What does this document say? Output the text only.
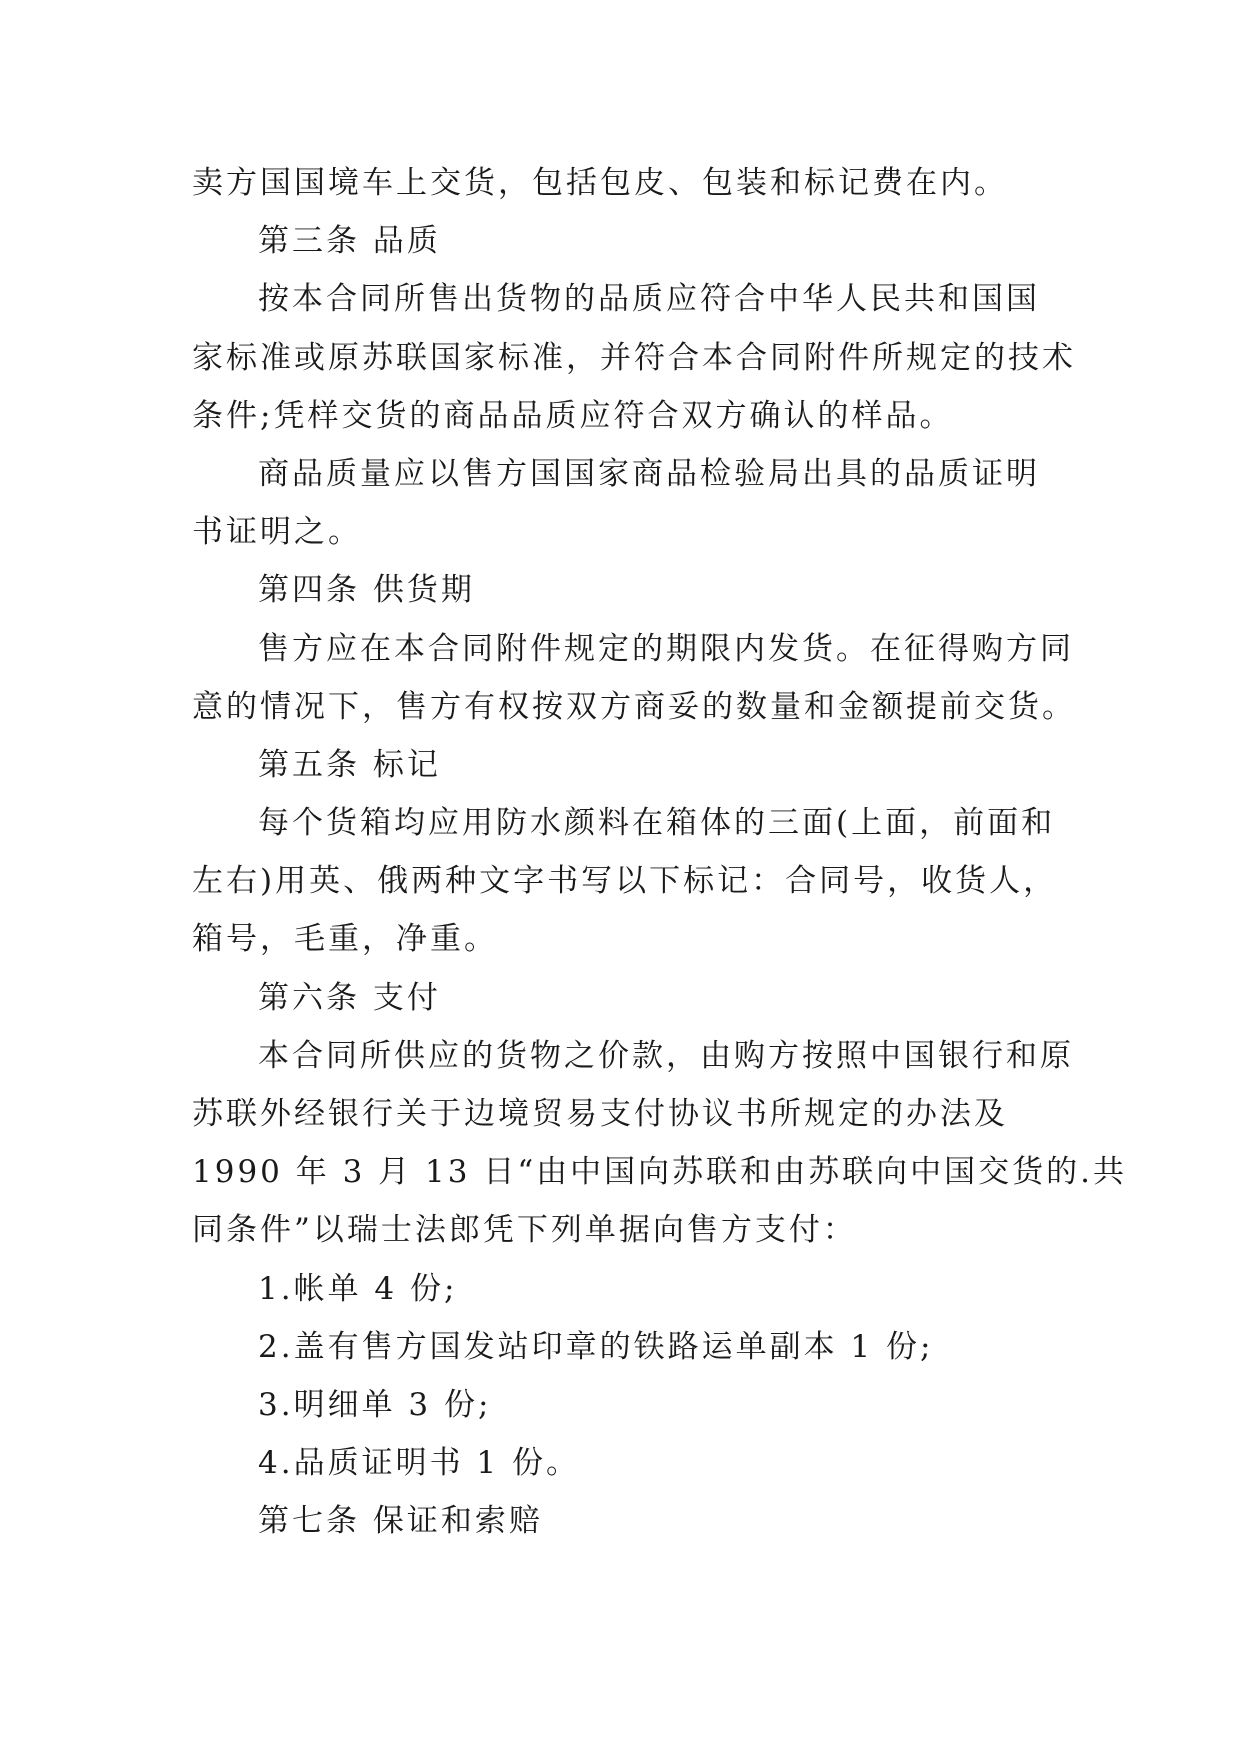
卖方国国境车上交货，包括包皮、包装和标记费在内。
第三条 品质
按本合同所售出货物的品质应符合中华人民共和国国
家标准或原苏联国家标准，并符合本合同附件所规定的技术
条件;凭样交货的商品品质应符合双方确认的样品。
商品质量应以售方国国家商品检验局出具的品质证明
书证明之。
第四条 供货期
售方应在本合同附件规定的期限内发货。在征得购方同
意的情况下，售方有权按双方商妥的数量和金额提前交货。
第五条 标记
每个货箱均应用防水颜料在箱体的三面(上面，前面和
左右)用英、俄两种文字书写以下标记：合同号，收货人，
箱号，毛重，净重。
第六条 支付
本合同所供应的货物之价款，由购方按照中国银行和原
苏联外经银行关于边境贸易支付协议书所规定的办法及
1990 年 3 月 13 日“由中国向苏联和由苏联向中国交货的.共
同条件”以瑞士法郎凭下列单据向售方支付：
1.帐单 4 份;
2.盖有售方国发站印章的铁路运单副本 1 份;
3.明细单 3 份;
4.品质证明书 1 份。
第七条 保证和索赔
